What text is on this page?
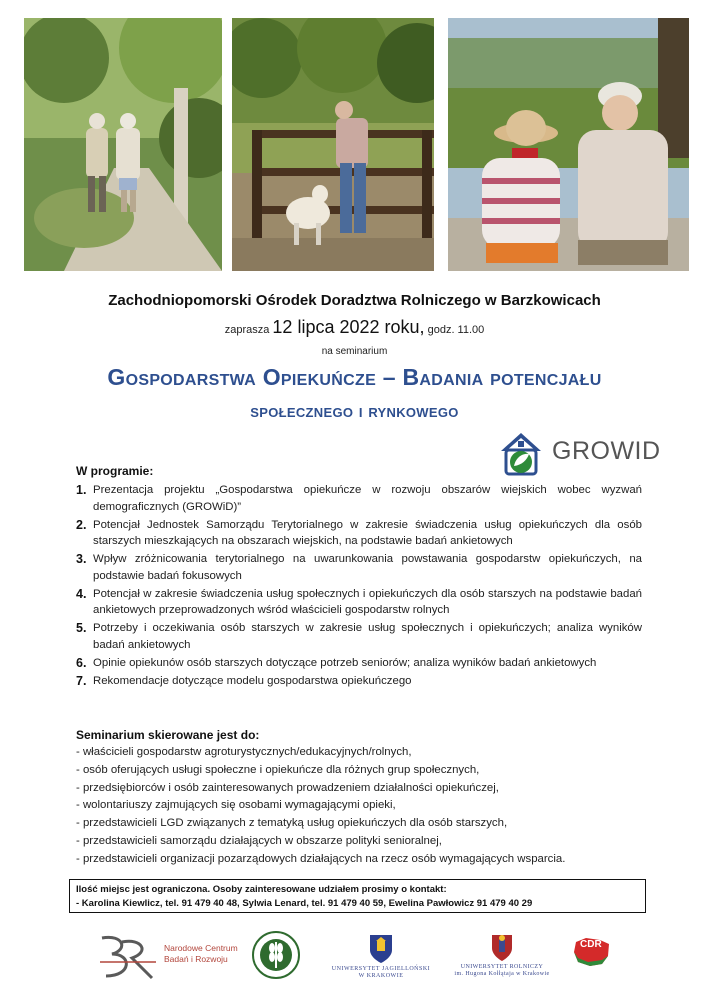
Zachodniopomorski Ośrodek Doradztwa Rolniczego w Barzkowicach
zaprasza 12 lipca 2022 roku, godz. 11.00
na seminarium
Gospodarstwa Opiekuńcze – Badania potencjału
społecznego i rynkowego
GROWID
W programie:
1. Prezentacja projektu „Gospodarstwa opiekuńcze w rozwoju obszarów wiejskich wobec wyzwań demograficznych (GROWiD)”
2. Potencjał Jednostek Samorządu Terytorialnego w zakresie świadczenia usług opiekuńczych dla osób starszych mieszkających na obszarach wiejskich, na podstawie badań ankietowych
3. Wpływ zróżnicowania terytorialnego na uwarunkowania powstawania gospodarstw opiekuńczych, na podstawie badań fokusowych
4. Potencjał w zakresie świadczenia usług społecznych i opiekuńczych dla osób starszych na podstawie badań ankietowych przeprowadzonych wśród właścicieli gospodarstw rolnych
5. Potrzeby i oczekiwania osób starszych w zakresie usług społecznych i opiekuńczych; analiza wyników badań ankietowych
6. Opinie opiekunów osób starszych dotyczące potrzeb seniorów; analiza wyników badań ankietowych
7. Rekomendacje dotyczące modelu gospodarstwa opiekuńczego
Seminarium skierowane jest do:
- właścicieli gospodarstw agroturystycznych/edukacyjnych/rolnych,
- osób oferujących usługi społeczne i opiekuńcze dla różnych grup społecznych,
- przedsiębiorców i osób zainteresowanych prowadzeniem działalności opiekuńczej,
- wolontariuszy zajmujących się osobami wymagającymi opieki,
- przedstawicieli LGD związanych z tematyką usług opiekuńczych dla osób starszych,
- przedstawicieli samorządu działających w obszarze polityki senioralnej,
- przedstawicieli organizacji pozarządowych działających na rzecz osób wymagających wsparcia.
Ilość miejsc jest ograniczona. Osoby zainteresowane udziałem prosimy o kontakt:
- Karolina Kiewlicz, tel. 91 479 40 48, Sylwia Lenard, tel. 91 479 40 59, Ewelina Pawłowicz 91 479 40 29
Narodowe Centrum
Badań i Rozwoju
UNIWERSYTET JAGIELLOŃSKI
W KRAKOWIE
UNIWERSYTET ROLNICZY
im. Hugona Kołłątaja w Krakowie
CDR
